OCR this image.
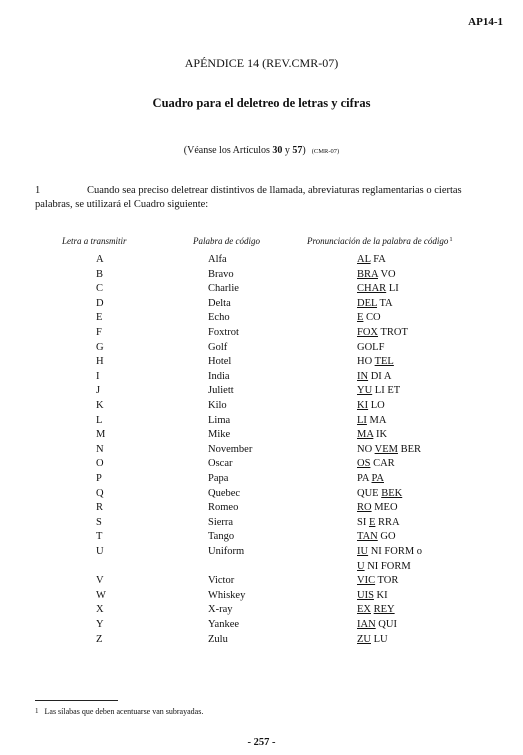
AP14-1
APÉNDICE 14 (REV.CMR-07)
Cuadro para el deletreo de letras y cifras
(Véanse los Artículos 30 y 57) (CMR-07)
1	Cuando sea preciso deletrear distintivos de llamada, abreviaturas reglamentarias o ciertas palabras, se utilizará el Cuadro siguiente:
Letra a transmitir	Palabra de código	Pronunciación de la palabra de código$^1$
A	Alfa	AL FA
B	Bravo	BRA VO
C	Charlie	CHAR LI
D	Delta	DEL TA
E	Echo	E CO
F	Foxtrot	FOX TROT
G	Golf	GOLF
H	Hotel	HO TEL
I	India	IN DI A
J	Juliett	YU LI ET
K	Kilo	KI LO
L	Lima	LI MA
M	Mike	MA IK
N	November	NO VEM BER
O	Oscar	OS CAR
P	Papa	PA PA
Q	Quebec	QUE BEK
R	Romeo	RO MEO
S	Sierra	SI E RRA
T	Tango	TAN GO
U	Uniform	IU NI FORM o
U NI FORM
V	Victor	VIC TOR
W	Whiskey	UIS KI
X	X-ray	EX REY
Y	Yankee	IAN QUI
Z	Zulu	ZU LU
$^1$ Las sílabas que deben acentuarse van subrayadas.
- 257 -
